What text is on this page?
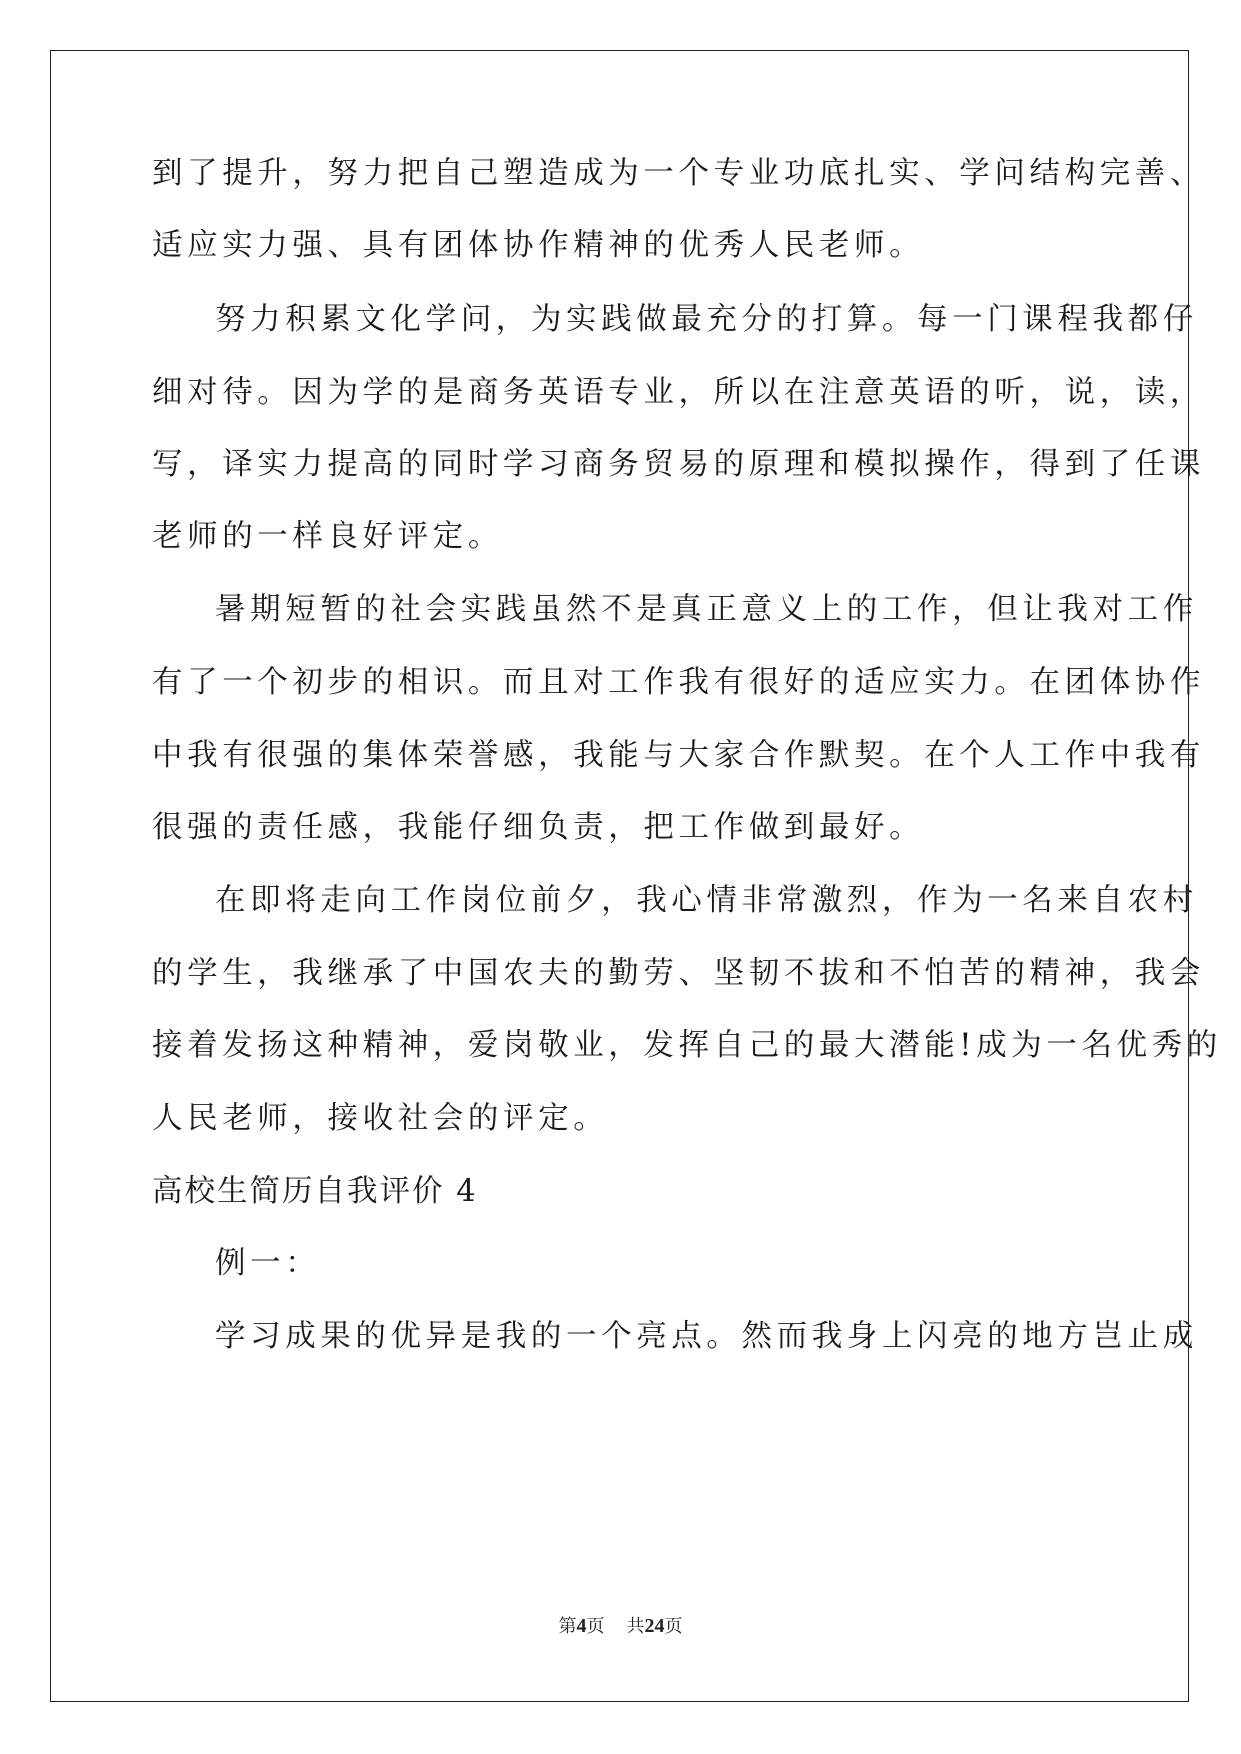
到了提升，努力把自己塑造成为一个专业功底扎实、学问结构完善、

适应实力强、具有团体协作精神的优秀人民老师。

努力积累文化学问，为实践做最充分的打算。每一门课程我都仔

细对待。因为学的是商务英语专业，所以在注意英语的听，说，读，

写，译实力提高的同时学习商务贸易的原理和模拟操作，得到了任课

老师的一样良好评定。

暑期短暂的社会实践虽然不是真正意义上的工作，但让我对工作

有了一个初步的相识。而且对工作我有很好的适应实力。在团体协作

中我有很强的集体荣誉感，我能与大家合作默契。在个人工作中我有

很强的责任感，我能仔细负责，把工作做到最好。

在即将走向工作岗位前夕，我心情非常激烈，作为一名来自农村

的学生，我继承了中国农夫的勤劳、坚韧不拔和不怕苦的精神，我会

接着发扬这种精神，爱岗敬业，发挥自己的最大潜能!成为一名优秀的

人民老师，接收社会的评定。

高校生简历自我评价 4

例一：

学习成果的优异是我的一个亮点。然而我身上闪亮的地方岂止成

第4页 共24页
